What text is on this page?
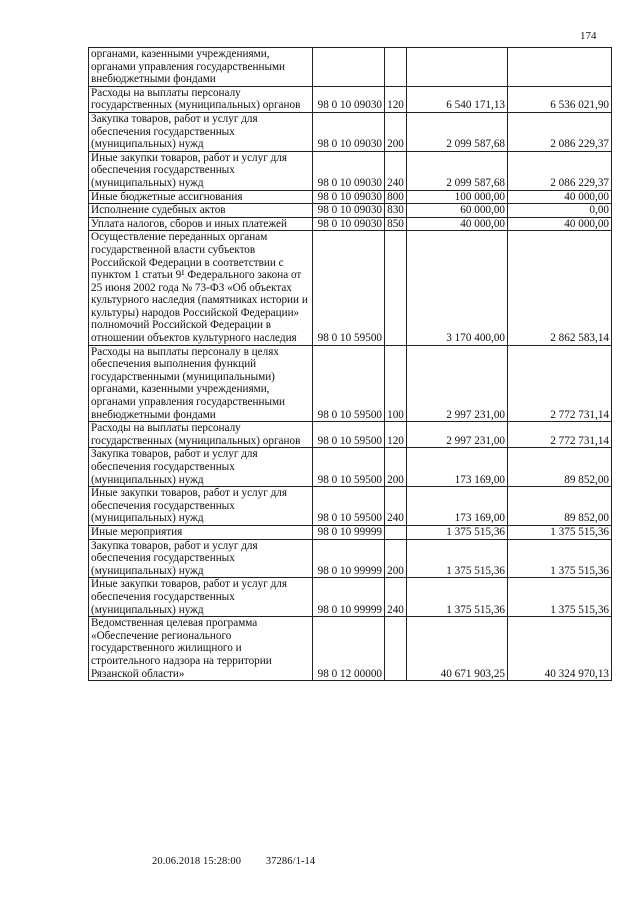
174
органами, казенными учреждениями, органами управления государственными внебюджетными фондами				
Расходы на выплаты персоналу государственных (муниципальных) органов	98 0 10 09030	120	6 540 171,13	6 536 021,90
Закупка товаров, работ и услуг для обеспечения государственных (муниципальных) нужд	98 0 10 09030	200	2 099 587,68	2 086 229,37
Иные закупки товаров, работ и услуг для обеспечения государственных (муниципальных) нужд	98 0 10 09030	240	2 099 587,68	2 086 229,37
Иные бюджетные ассигнования	98 0 10 09030	800	100 000,00	40 000,00
Исполнение судебных актов	98 0 10 09030	830	60 000,00	0,00
Уплата налогов, сборов и иных платежей	98 0 10 09030	850	40 000,00	40 000,00
Осуществление переданных органам государственной власти субъектов Российской Федерации в соответствии с пунктом 1 статьи 9¹ Федерального закона от 25 июня 2002 года № 73-ФЗ «Об объектах культурного наследия (памятниках истории и культуры) народов Российской Федерации» полномочий Российской Федерации в отношении объектов культурного наследия	98 0 10 59500		3 170 400,00	2 862 583,14
Расходы на выплаты персоналу в целях обеспечения выполнения функций государственными (муниципальными) органами, казенными учреждениями, органами управления государственными внебюджетными фондами	98 0 10 59500	100	2 997 231,00	2 772 731,14
Расходы на выплаты персоналу государственных (муниципальных) органов	98 0 10 59500	120	2 997 231,00	2 772 731,14
Закупка товаров, работ и услуг для обеспечения государственных (муниципальных) нужд	98 0 10 59500	200	173 169,00	89 852,00
Иные закупки товаров, работ и услуг для обеспечения государственных (муниципальных) нужд	98 0 10 59500	240	173 169,00	89 852,00
Иные мероприятия	98 0 10 99999		1 375 515,36	1 375 515,36
Закупка товаров, работ и услуг для обеспечения государственных (муниципальных) нужд	98 0 10 99999	200	1 375 515,36	1 375 515,36
Иные закупки товаров, работ и услуг для обеспечения государственных (муниципальных) нужд	98 0 10 99999	240	1 375 515,36	1 375 515,36
Ведомственная целевая программа «Обеспечение регионального государственного жилищного и строительного надзора на территории Рязанской области»	98 0 12 00000		40 671 903,25	40 324 970,13
20.06.2018 15:28:00 37286/1-14
